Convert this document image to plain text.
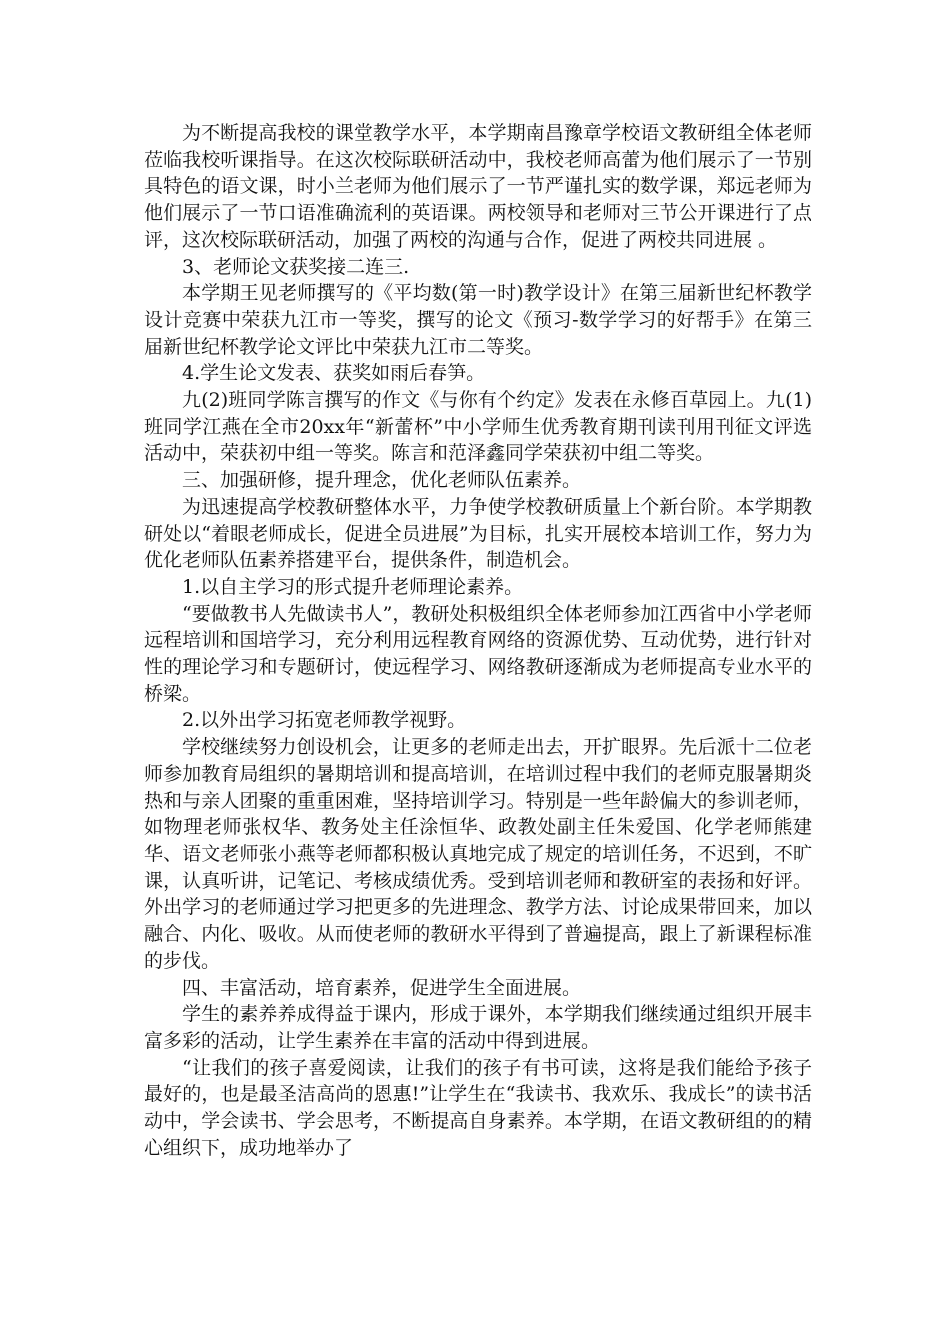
为不断提高我校的课堂教学水平，本学期南昌豫章学校语文教研组全体老师莅临我校听课指导。在这次校际联研活动中，我校老师高蕾为他们展示了一节别具特色的语文课，时小兰老师为他们展示了一节严谨扎实的数学课，郑远老师为他们展示了一节口语准确流利的英语课。两校领导和老师对三节公开课进行了点评，这次校际联研活动，加强了两校的沟通与合作，促进了两校共同进展 。

3、老师论文获奖接二连三.

本学期王见老师撰写的《平均数(第一时)教学设计》在第三届新世纪杯教学设计竞赛中荣获九江市一等奖，撰写的论文《预习-数学学习的好帮手》在第三届新世纪杯教学论文评比中荣获九江市二等奖。

4.学生论文发表、获奖如雨后春笋。

九(2)班同学陈言撰写的作文《与你有个约定》发表在永修百草园上。九(1)班同学江燕在全市20xx年“新蕾杯”中小学师生优秀教育期刊读刊用刊征文评选活动中，荣获初中组一等奖。陈言和范泽鑫同学荣获初中组二等奖。

三、加强研修，提升理念，优化老师队伍素养。

为迅速提高学校教研整体水平，力争使学校教研质量上个新台阶。本学期教研处以“着眼老师成长，促进全员进展”为目标，扎实开展校本培训工作，努力为优化老师队伍素养搭建平台，提供条件，制造机会。

1.以自主学习的形式提升老师理论素养。

“要做教书人先做读书人”，教研处积极组织全体老师参加江西省中小学老师远程培训和国培学习，充分利用远程教育网络的资源优势、互动优势，进行针对性的理论学习和专题研讨，使远程学习、网络教研逐渐成为老师提高专业水平的桥梁。

2.以外出学习拓宽老师教学视野。

学校继续努力创设机会，让更多的老师走出去，开扩眼界。先后派十二位老师参加教育局组织的暑期培训和提高培训，在培训过程中我们的老师克服暑期炎热和与亲人团聚的重重困难，坚持培训学习。特别是一些年龄偏大的参训老师，如物理老师张权华、教务处主任涂恒华、政教处副主任朱爱国、化学老师熊建华、语文老师张小燕等老师都积极认真地完成了规定的培训任务，不迟到，不旷课，认真听讲，记笔记、考核成绩优秀。受到培训老师和教研室的表扬和好评。外出学习的老师通过学习把更多的先进理念、教学方法、讨论成果带回来，加以融合、内化、吸收。从而使老师的教研水平得到了普遍提高，跟上了新课程标准的步伐。

四、丰富活动，培育素养，促进学生全面进展。

学生的素养养成得益于课内，形成于课外，本学期我们继续通过组织开展丰富多彩的活动，让学生素养在丰富的活动中得到进展。

“让我们的孩子喜爱阅读，让我们的孩子有书可读，这将是我们能给予孩子最好的，也是最圣洁高尚的恩惠!”让学生在“我读书、我欢乐、我成长”的读书活动中，学会读书、学会思考，不断提高自身素养。本学期，在语文教研组的的精心组织下，成功地举办了
